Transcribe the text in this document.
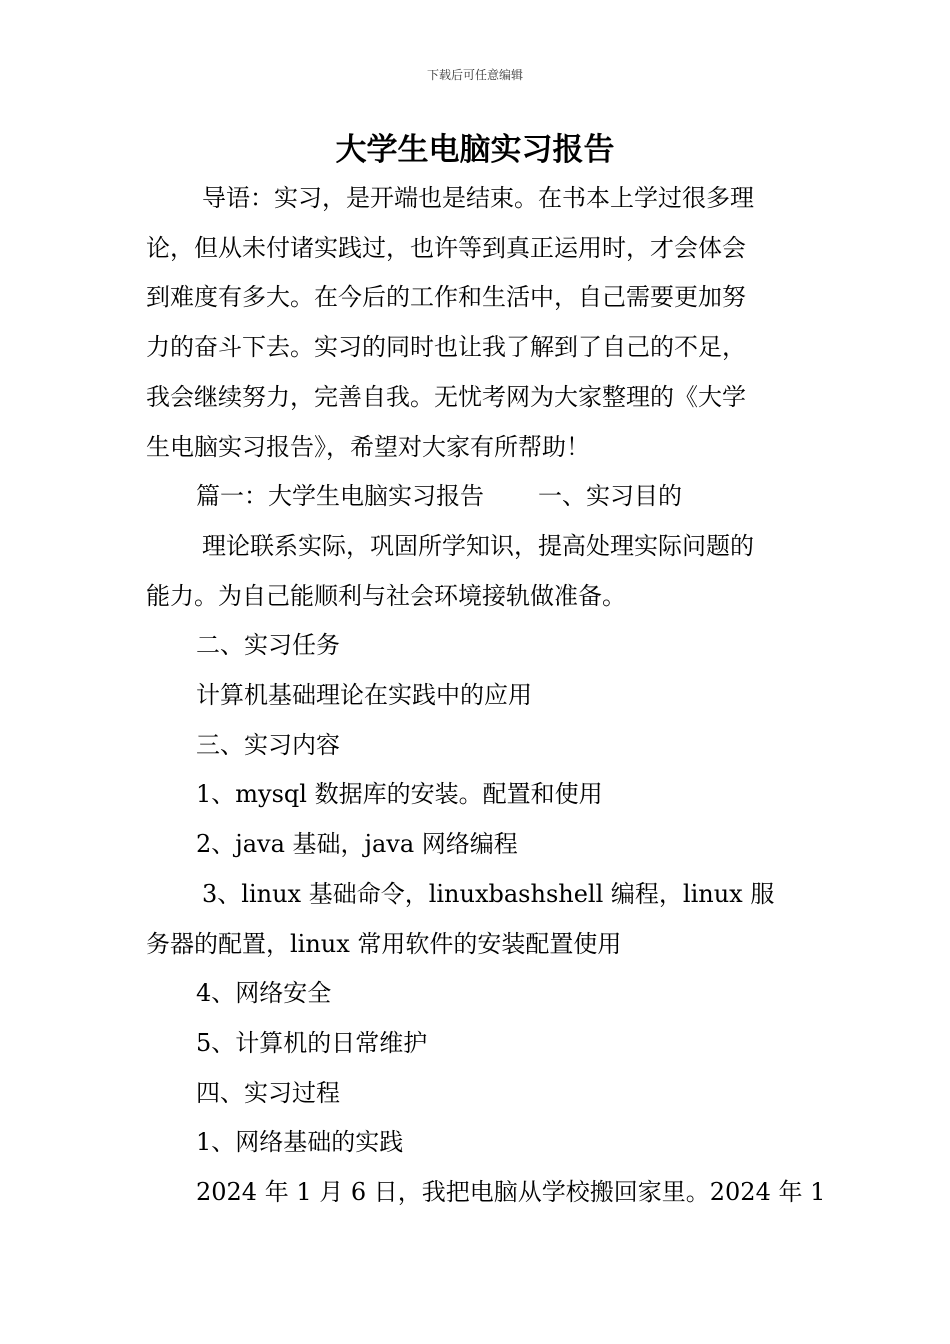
下载后可任意编辑
大学生电脑实习报告

导语：实习，是开端也是结束。在书本上学过很多理

论，但从未付诸实践过，也许等到真正运用时，才会体会

到难度有多大。在今后的工作和生活中，自己需要更加努

力的奋斗下去。实习的同时也让我了解到了自己的不足，

我会继续努力，完善自我。无忧考网为大家整理的《大学

生电脑实习报告》，希望对大家有所帮助！

篇一：大学生电脑实习报告 一、实习目的

理论联系实际，巩固所学知识，提高处理实际问题的

能力。为自己能顺利与社会环境接轨做准备。

二、实习任务

计算机基础理论在实践中的应用

三、实习内容

1、mysql 数据库的安装。配置和使用

2、java 基础，java 网络编程

3、linux 基础命令，linuxbashshell 编程，linux 服

务器的配置，linux 常用软件的安装配置使用

4、网络安全

5、计算机的日常维护

四、实习过程

1、网络基础的实践

2024 年 1 月 6 日，我把电脑从学校搬回家里。2024 年 1
